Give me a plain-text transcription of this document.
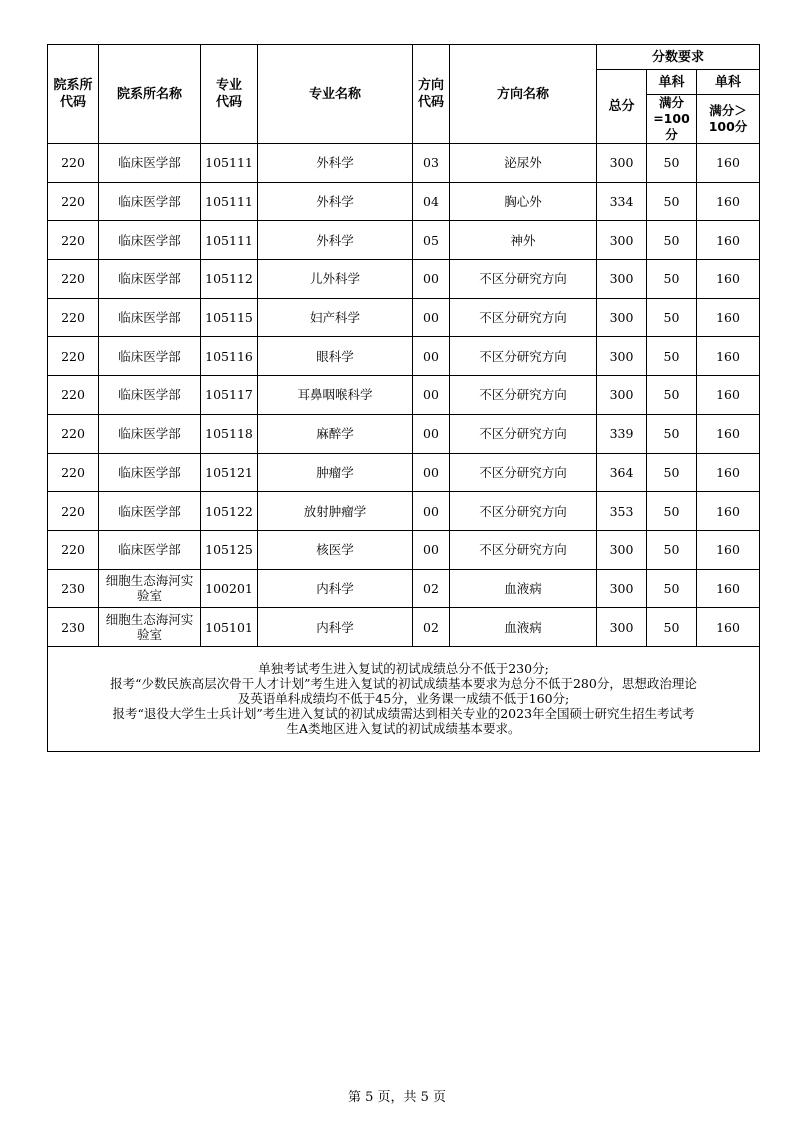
院系所代码	院系所名称	专业代码	专业名称	方向代码	方向名称	分数要求		
						总分	单科	单科
							满分=100分	满分＞100分
220	临床医学部	105111	外科学	03	泌尿外	300	50	160
220	临床医学部	105111	外科学	04	胸心外	334	50	160
220	临床医学部	105111	外科学	05	神外	300	50	160
220	临床医学部	105112	儿外科学	00	不区分研究方向	300	50	160
220	临床医学部	105115	妇产科学	00	不区分研究方向	300	50	160
220	临床医学部	105116	眼科学	00	不区分研究方向	300	50	160
220	临床医学部	105117	耳鼻咽喉科学	00	不区分研究方向	300	50	160
220	临床医学部	105118	麻醉学	00	不区分研究方向	339	50	160
220	临床医学部	105121	肿瘤学	00	不区分研究方向	364	50	160
220	临床医学部	105122	放射肿瘤学	00	不区分研究方向	353	50	160
220	临床医学部	105125	核医学	00	不区分研究方向	300	50	160
230	细胞生态海河实验室	100201	内科学	02	血液病	300	50	160
230	细胞生态海河实验室	105101	内科学	02	血液病	300	50	160

单独考试考生进入复试的初试成绩总分不低于230分;
报考“少数民族高层次骨干人才计划”考生进入复试的初试成绩基本要求为总分不低于280分，思想政治理论
及英语单科成绩均不低于45分，业务课一成绩不低于160分;
报考“退役大学生士兵计划”考生进入复试的初试成绩需达到相关专业的2023年全国硕士研究生招生考试考
生A类地区进入复试的初试成绩基本要求。								
第 5 页，共 5 页
